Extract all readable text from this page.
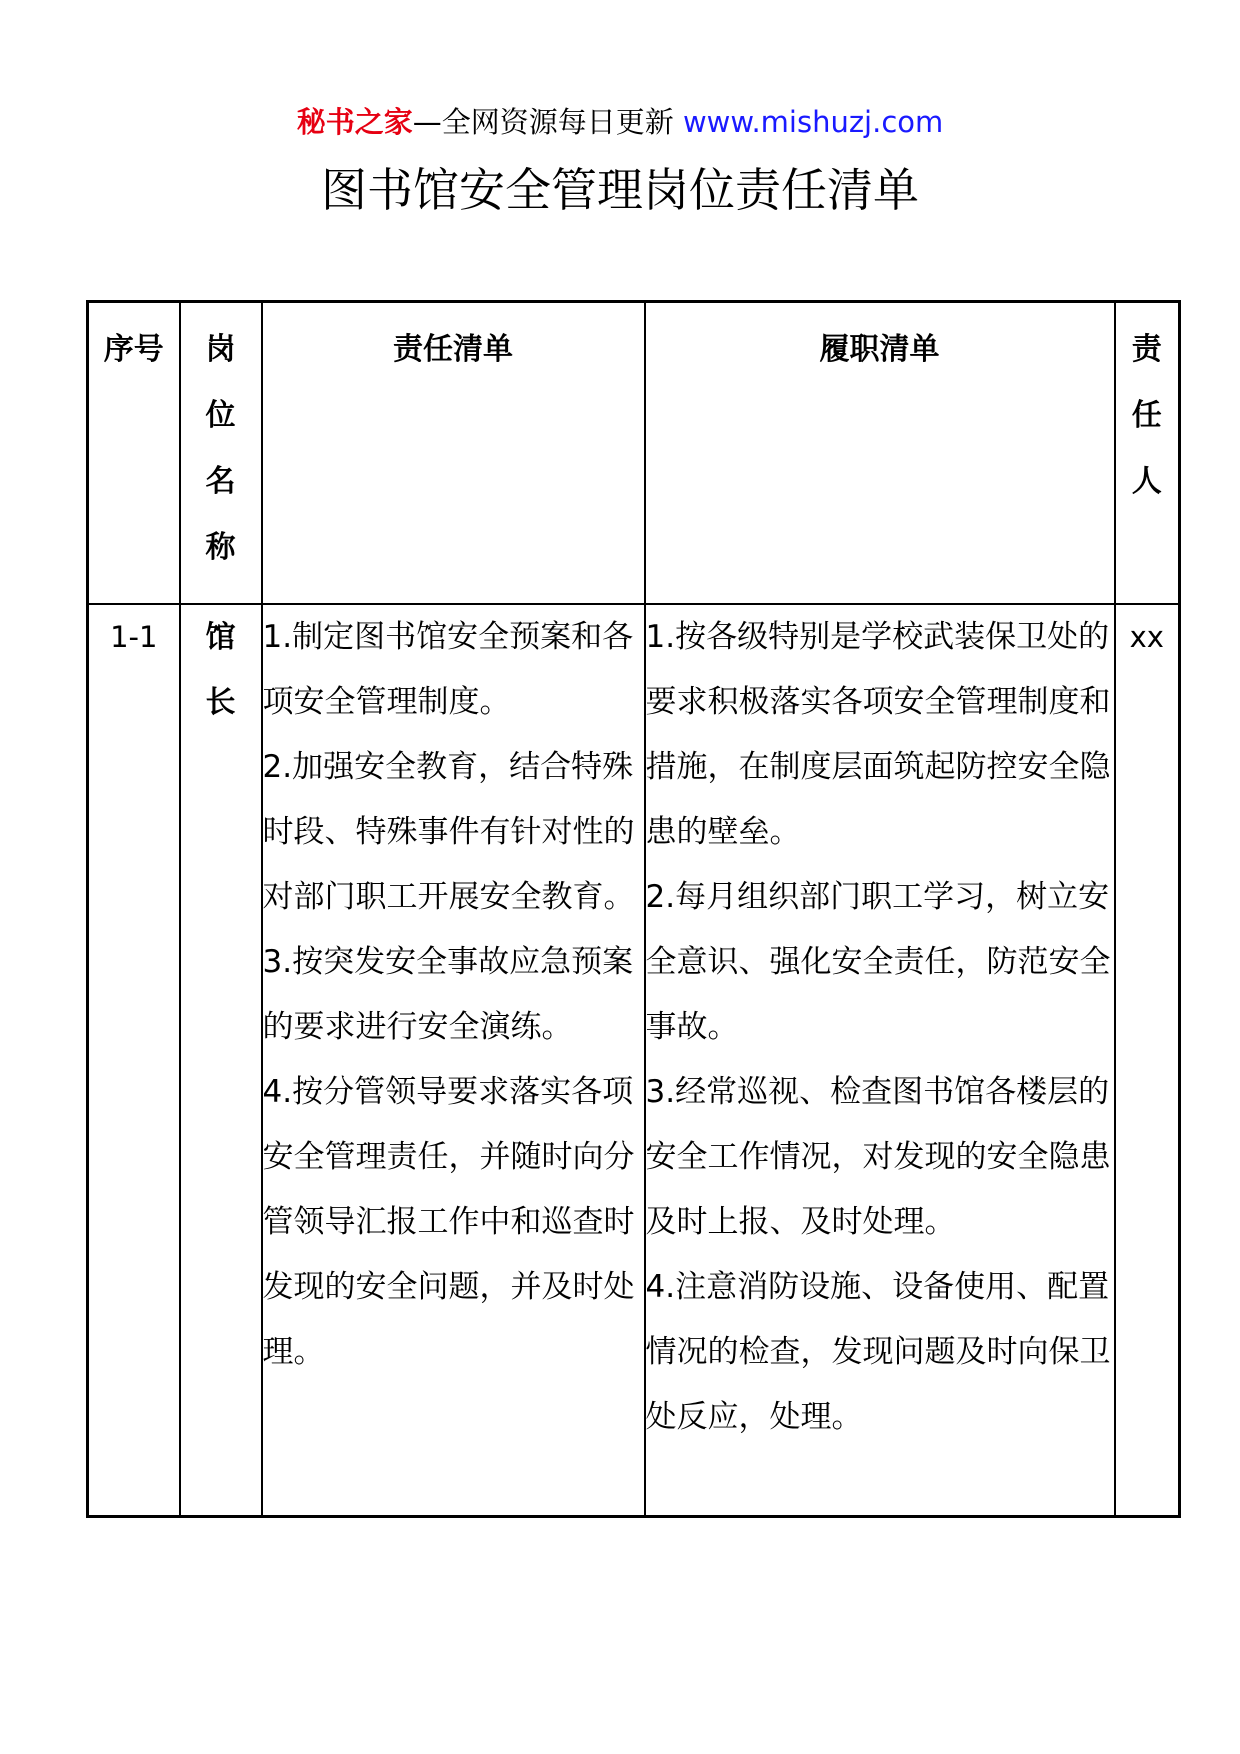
秘书之家—全网资源每日更新 www.mishuzj.com
图书馆安全管理岗位责任清单
序号	岗位名称	责任清单	履职清单	责任人

1-1	馆长	1.制定图书馆安全预案和各项安全管理制度。
2.加强安全教育，结合特殊时段、特殊事件有针对性的对部门职工开展安全教育。
3.按突发安全事故应急预案的要求进行安全演练。
4.按分管领导要求落实各项安全管理责任，并随时向分管领导汇报工作中和巡查时发现的安全问题，并及时处理。	1.按各级特别是学校武装保卫处的要求积极落实各项安全管理制度和措施，在制度层面筑起防控安全隐患的壁垒。
2.每月组织部门职工学习，树立安全意识、强化安全责任，防范安全事故。
3.经常巡视、检查图书馆各楼层的安全工作情况，对发现的安全隐患及时上报、及时处理。
4.注意消防设施、设备使用、配置情况的检查，发现问题及时向保卫处反应，处理。	xx
